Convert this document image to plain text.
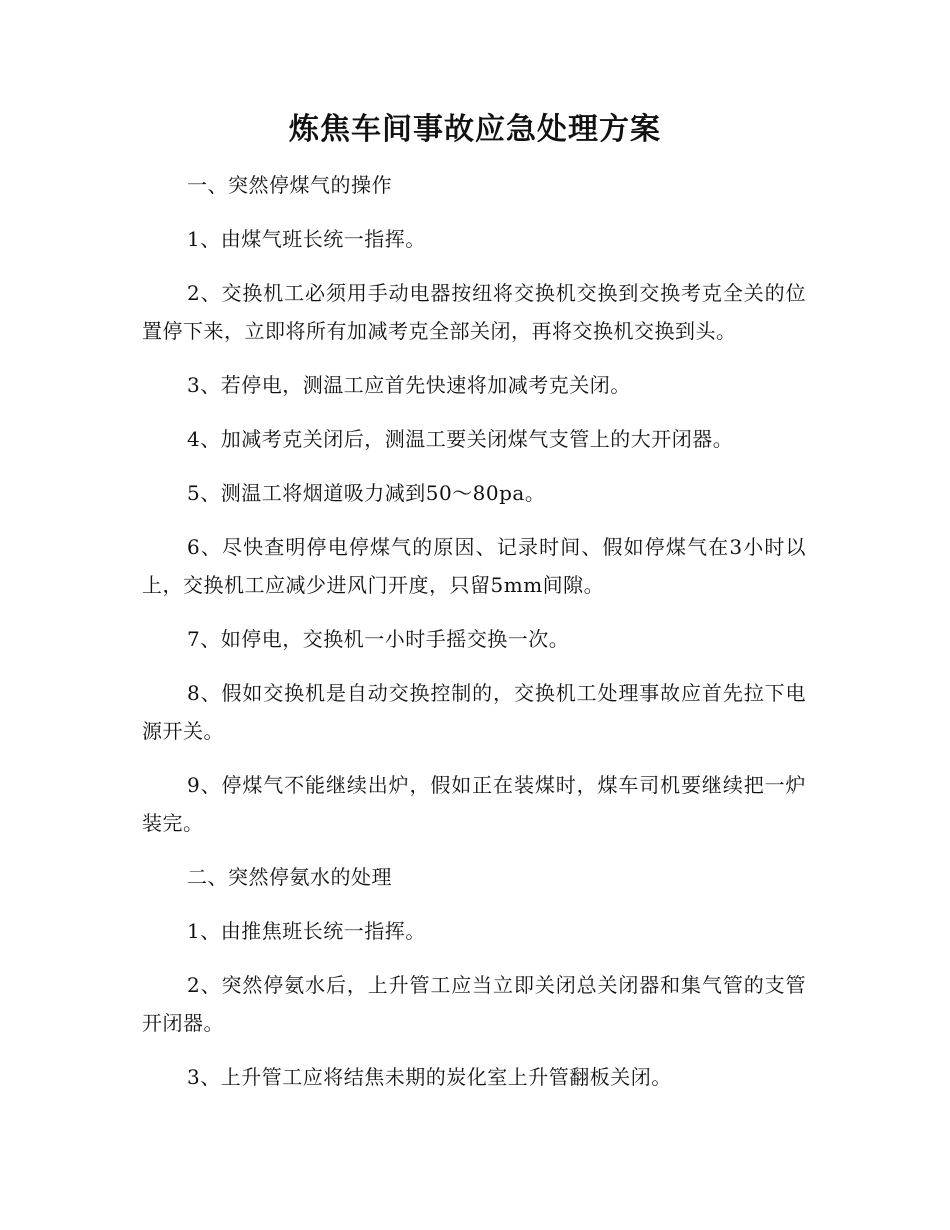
炼焦车间事故应急处理方案

一、突然停煤气的操作

1、由煤气班长统一指挥。

2、交换机工必须用手动电器按纽将交换机交换到交换考克全关的位置停下来，立即将所有加减考克全部关闭，再将交换机交换到头。

3、若停电，测温工应首先快速将加减考克关闭。

4、加减考克关闭后，测温工要关闭煤气支管上的大开闭器。

5、测温工将烟道吸力减到50～80pa。

6、尽快查明停电停煤气的原因、记录时间、假如停煤气在3小时以上，交换机工应减少进风门开度，只留5mm间隙。

7、如停电，交换机一小时手摇交换一次。

8、假如交换机是自动交换控制的，交换机工处理事故应首先拉下电源开关。

9、停煤气不能继续出炉，假如正在装煤时，煤车司机要继续把一炉装完。

二、突然停氨水的处理

1、由推焦班长统一指挥。

2、突然停氨水后，上升管工应当立即关闭总关闭器和集气管的支管开闭器。

3、上升管工应将结焦未期的炭化室上升管翻板关闭。
